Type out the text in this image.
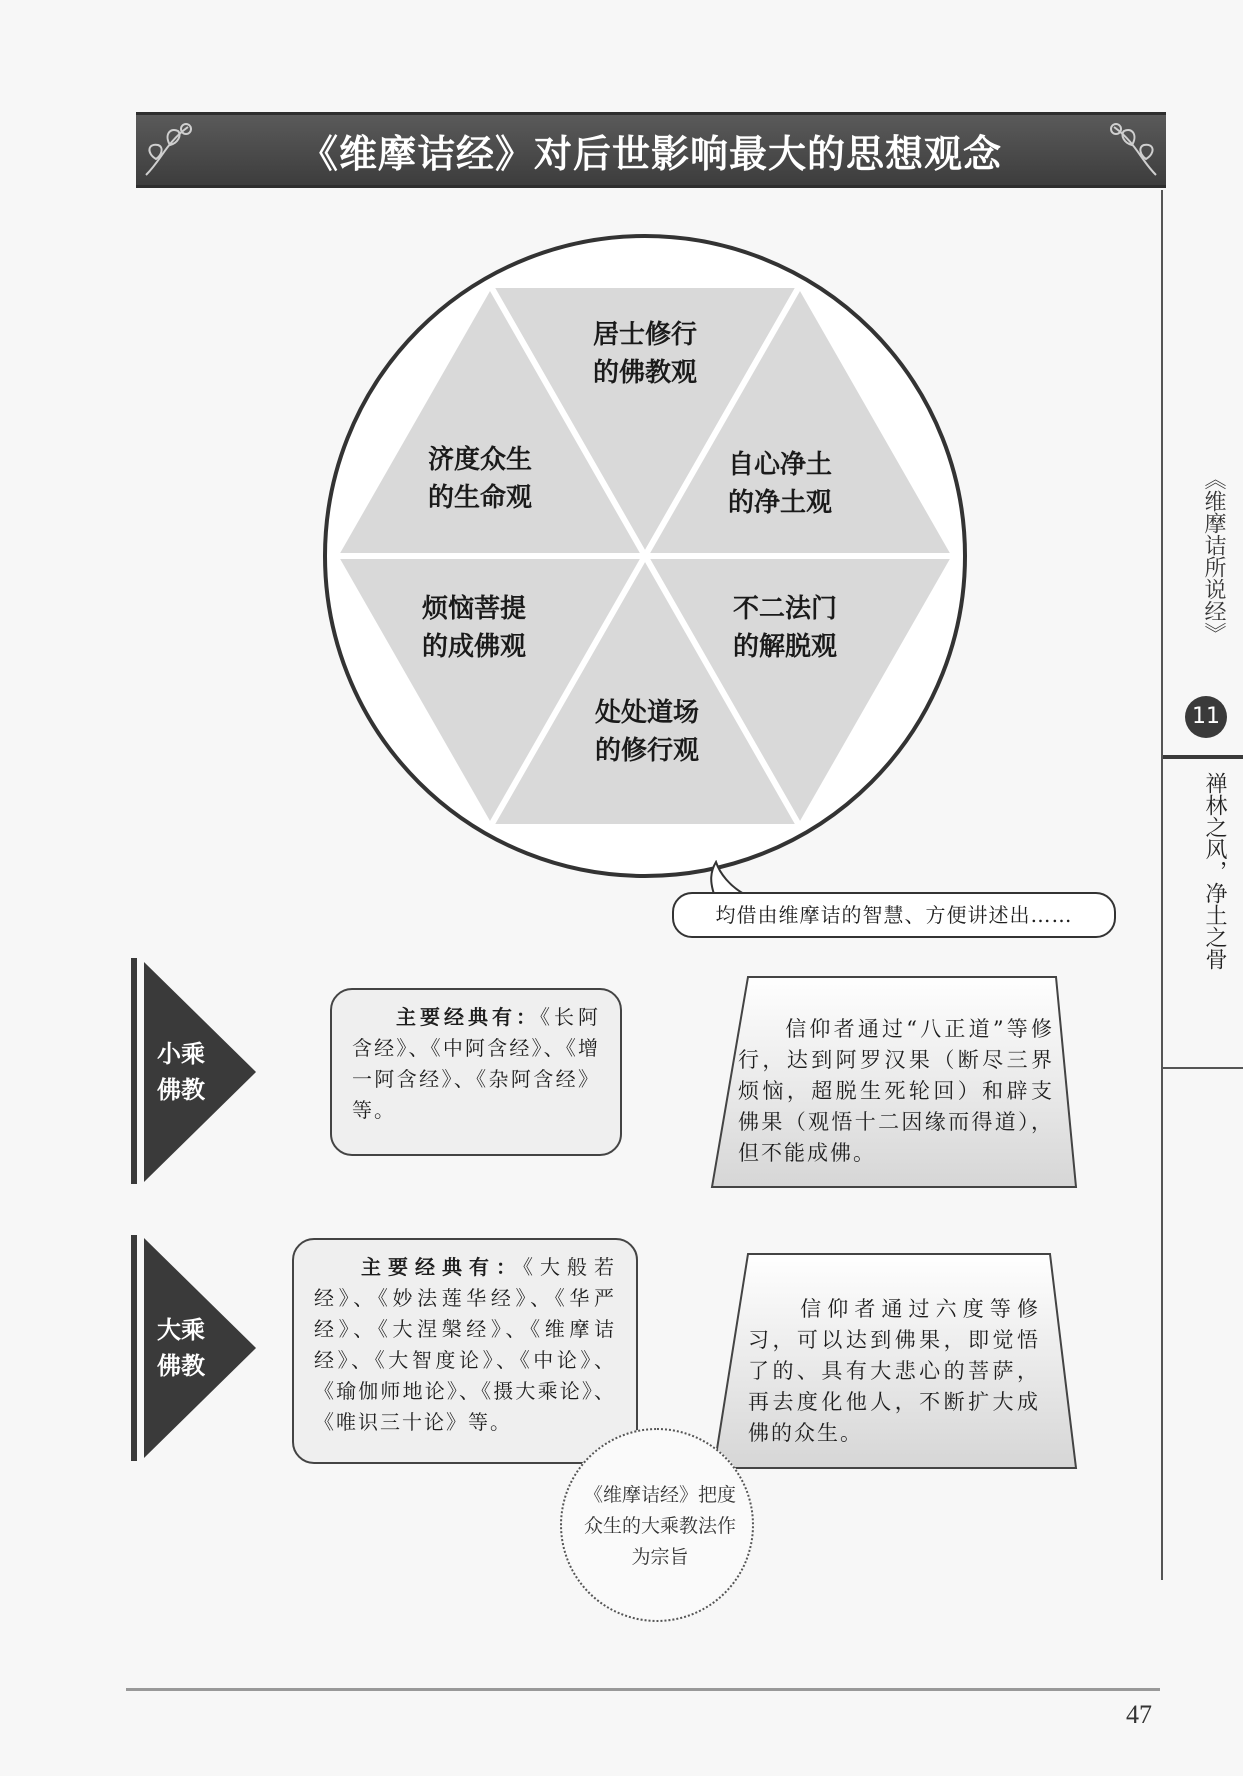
《维摩诘经》对后世影响最大的思想观念
居士修行
的佛教观
自心净土
的净土观
不二法门
的解脱观
处处道场
的修行观
烦恼菩提
的成佛观
济度众生
的生命观
均借由维摩诘的智慧、方便讲述出……
《维摩诘所说经》
11
禅林之风，净土之骨
小乘
佛教
主要经典有：《长阿含经》、《中阿含经》、《增一阿含经》、《杂阿含经》等。
信仰者通过“八正道”等修行，达到阿罗汉果（断尽三界烦恼，超脱生死轮回）和辟支佛果（观悟十二因缘而得道），但不能成佛。
大乘
佛教
主要经典有：《大般若经》、《妙法莲华经》、《华严经》、《大涅槃经》、《维摩诘经》、《大智度论》、《中论》、《瑜伽师地论》、《摄大乘论》、《唯识三十论》等。
信仰者通过六度等修习，可以达到佛果，即觉悟了的、具有大悲心的菩萨，再去度化他人，不断扩大成佛的众生。
《维摩诘经》把度众生的大乘教法作为宗旨
47
